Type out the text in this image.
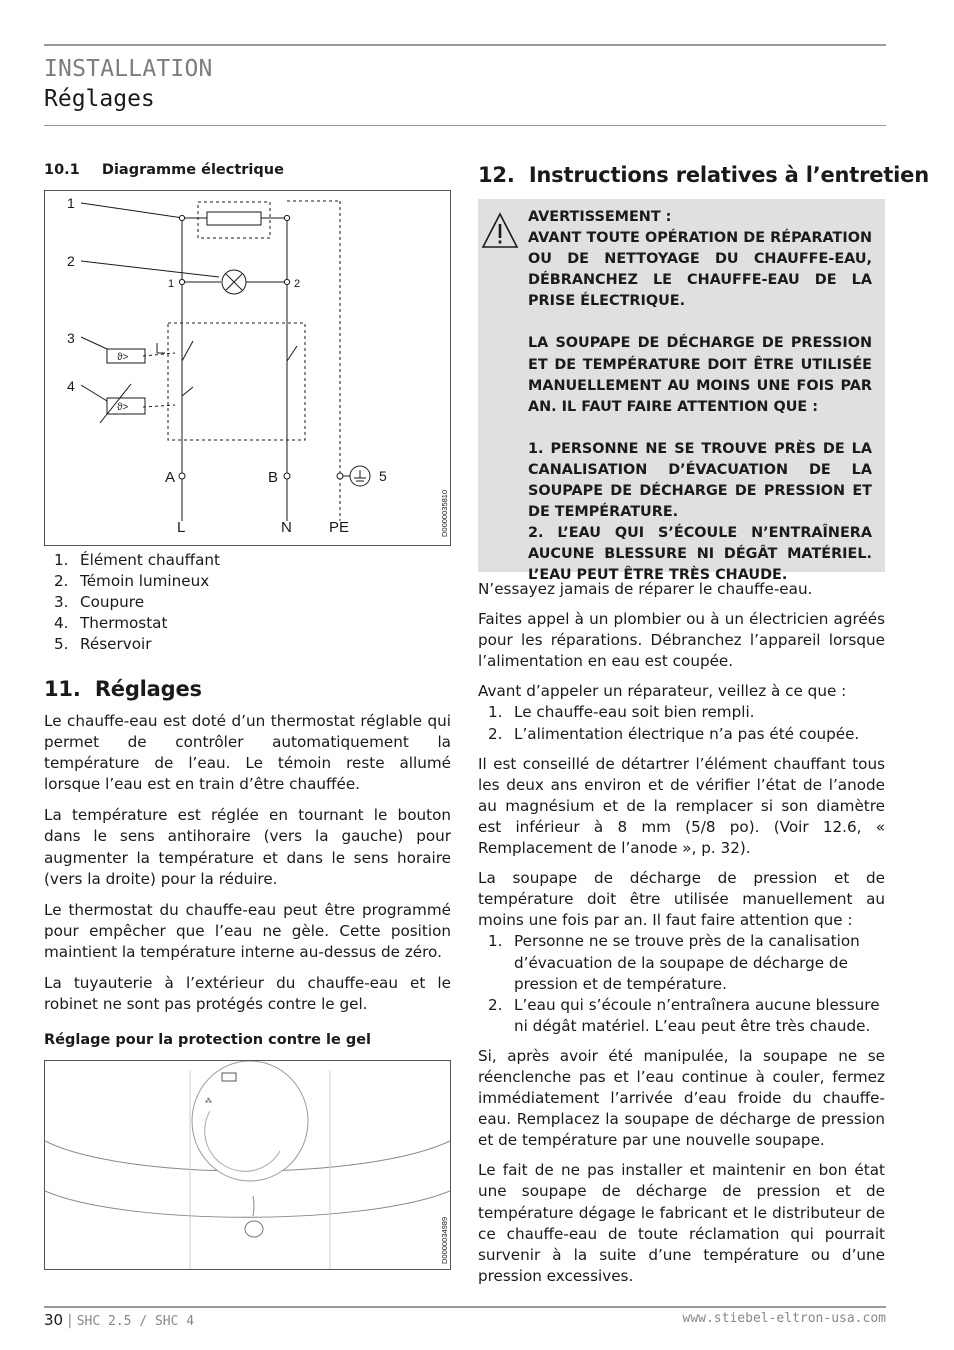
INSTALLATION
Réglages
10.1 Diagramme électrique
1
2
3
4
5
1	2
A	B
L	N PE	D0000035810
ϑ>
ϑ>
1. Élément chauffant
2. Témoin lumineux
3. Coupure
4. Thermostat
5. Réservoir
11.  Réglages

Le chauffe-eau est doté d’un thermostat réglable qui permet de contrôler automatiquement la température de l’eau. Le témoin reste allumé lorsque l’eau est en train d’être chauffée.

La température est réglée en tournant le bouton dans le sens antihoraire (vers la gauche) pour augmenter la température et dans le sens horaire (vers la droite) pour la réduire.

Le thermostat du chauffe-eau peut être programmé pour empêcher que l’eau ne gèle. Cette position maintient la température interne au-dessus de zéro.

La tuyauterie à l’extérieur du chauffe-eau et le robinet ne sont pas protégés contre le gel.

Réglage pour la protection contre le gel
⁂
D0000034989
12.  Instructions relatives à l’entretien
AVERTISSEMENT :
AVANT TOUTE OPÉRATION DE RÉPARATION OU DE NETTOYAGE DU CHAUFFE-EAU, DÉBRANCHEZ LE CHAUFFE-EAU DE LA PRISE ÉLECTRIQUE.
LA SOUPAPE DE DÉCHARGE DE PRESSION ET DE TEMPÉRATURE DOIT ÊTRE UTILISÉE MANUELLEMENT AU MOINS UNE FOIS PAR AN. IL FAUT FAIRE ATTENTION QUE :
1. PERSONNE NE SE TROUVE PRÈS DE LA CANALISATION D’ÉVACUATION DE LA SOUPAPE DE DÉCHARGE DE PRESSION ET DE TEMPÉRATURE.
2. L’EAU QUI S’ÉCOULE N’ENTRAÎNERA AUCUNE BLESSURE NI DÉGÂT MATÉRIEL. L’EAU PEUT ÊTRE TRÈS CHAUDE.

N’essayez jamais de réparer le chauffe-eau.

Faites appel à un plombier ou à un électricien agréés pour les réparations. Débranchez l’appareil lorsque l’alimentation en eau est coupée.

Avant d’appeler un réparateur, veillez à ce que :

1. Le chauffe-eau soit bien rempli.
2. L’alimentation électrique n’a pas été coupée.

Il est conseillé de détartrer l’élément chauffant tous les deux ans environ et de vérifier l’état de l’anode au magnésium et de la remplacer si son diamètre est inférieur à 8 mm (5/8 po). (Voir 12.6, « Remplacement de l’anode », p. 32).

La soupape de décharge de pression et de température doit être utilisée manuellement au moins une fois par an. Il faut faire attention que :

1. Personne ne se trouve près de la canalisation d’évacuation de la soupape de décharge de pression et de température.
2. L’eau qui s’écoule n’entraînera aucune blessure ni dégât matériel. L’eau peut être très chaude.

Si, après avoir été manipulée, la soupape ne se réenclenche pas et l’eau continue à couler, fermez immédiatement l’arrivée d’eau froide du chauffe-eau. Remplacez la soupape de décharge de pression et de température par une nouvelle soupape.

Le fait de ne pas installer et maintenir en bon état une soupape de décharge de pression et de température dégage le fabricant et le distributeur de ce chauffe-eau de toute réclamation qui pourrait survenir à la suite d’une température ou d’une pression excessives.

30 | SHC 2.5 / SHC 4	www.stiebel-eltron-usa.com
